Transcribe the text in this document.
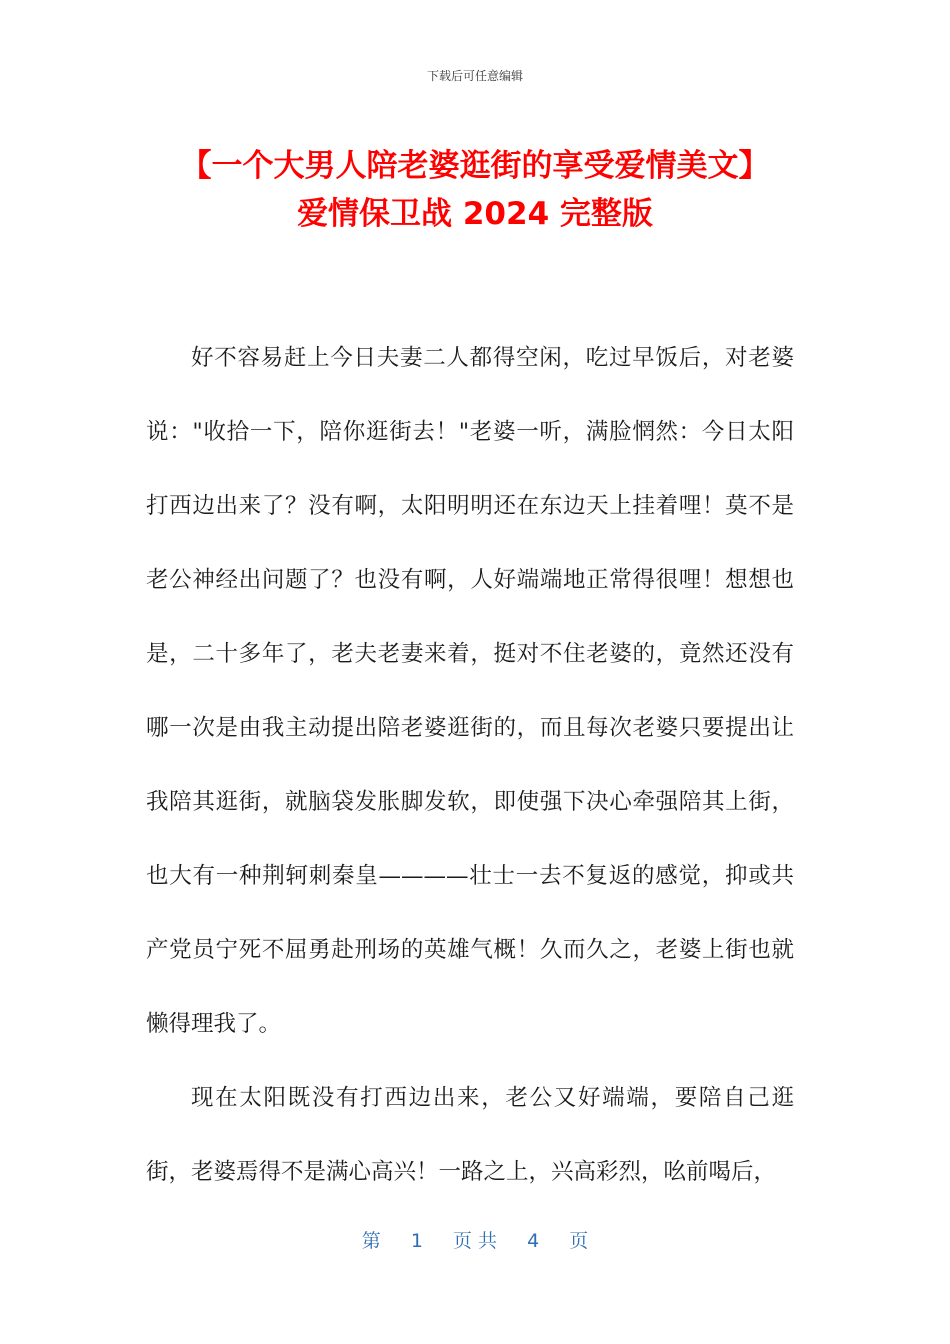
下载后可任意编辑
【一个大男人陪老婆逛街的享受爱情美文】
爱情保卫战 2024 完整版

好不容易赶上今日夫妻二人都得空闲，吃过早饭后，对老婆说："收拾一下，陪你逛街去！"老婆一听，满脸惘然：今日太阳打西边出来了？没有啊，太阳明明还在东边天上挂着哩！莫不是老公神经出问题了？也没有啊，人好端端地正常得很哩！想想也是，二十多年了，老夫老妻来着，挺对不住老婆的，竟然还没有哪一次是由我主动提出陪老婆逛街的，而且每次老婆只要提出让我陪其逛街，就脑袋发胀脚发软，即使强下决心牵强陪其上街，也大有一种荆轲刺秦皇————壮士一去不复返的感觉，抑或共产党员宁死不屈勇赴刑场的英雄气概！久而久之，老婆上街也就懒得理我了。

现在太阳既没有打西边出来，老公又好端端，要陪自己逛街，老婆焉得不是满心高兴！一路之上，兴高彩烈，吆前喝后，

第 1 页 共 4 页
